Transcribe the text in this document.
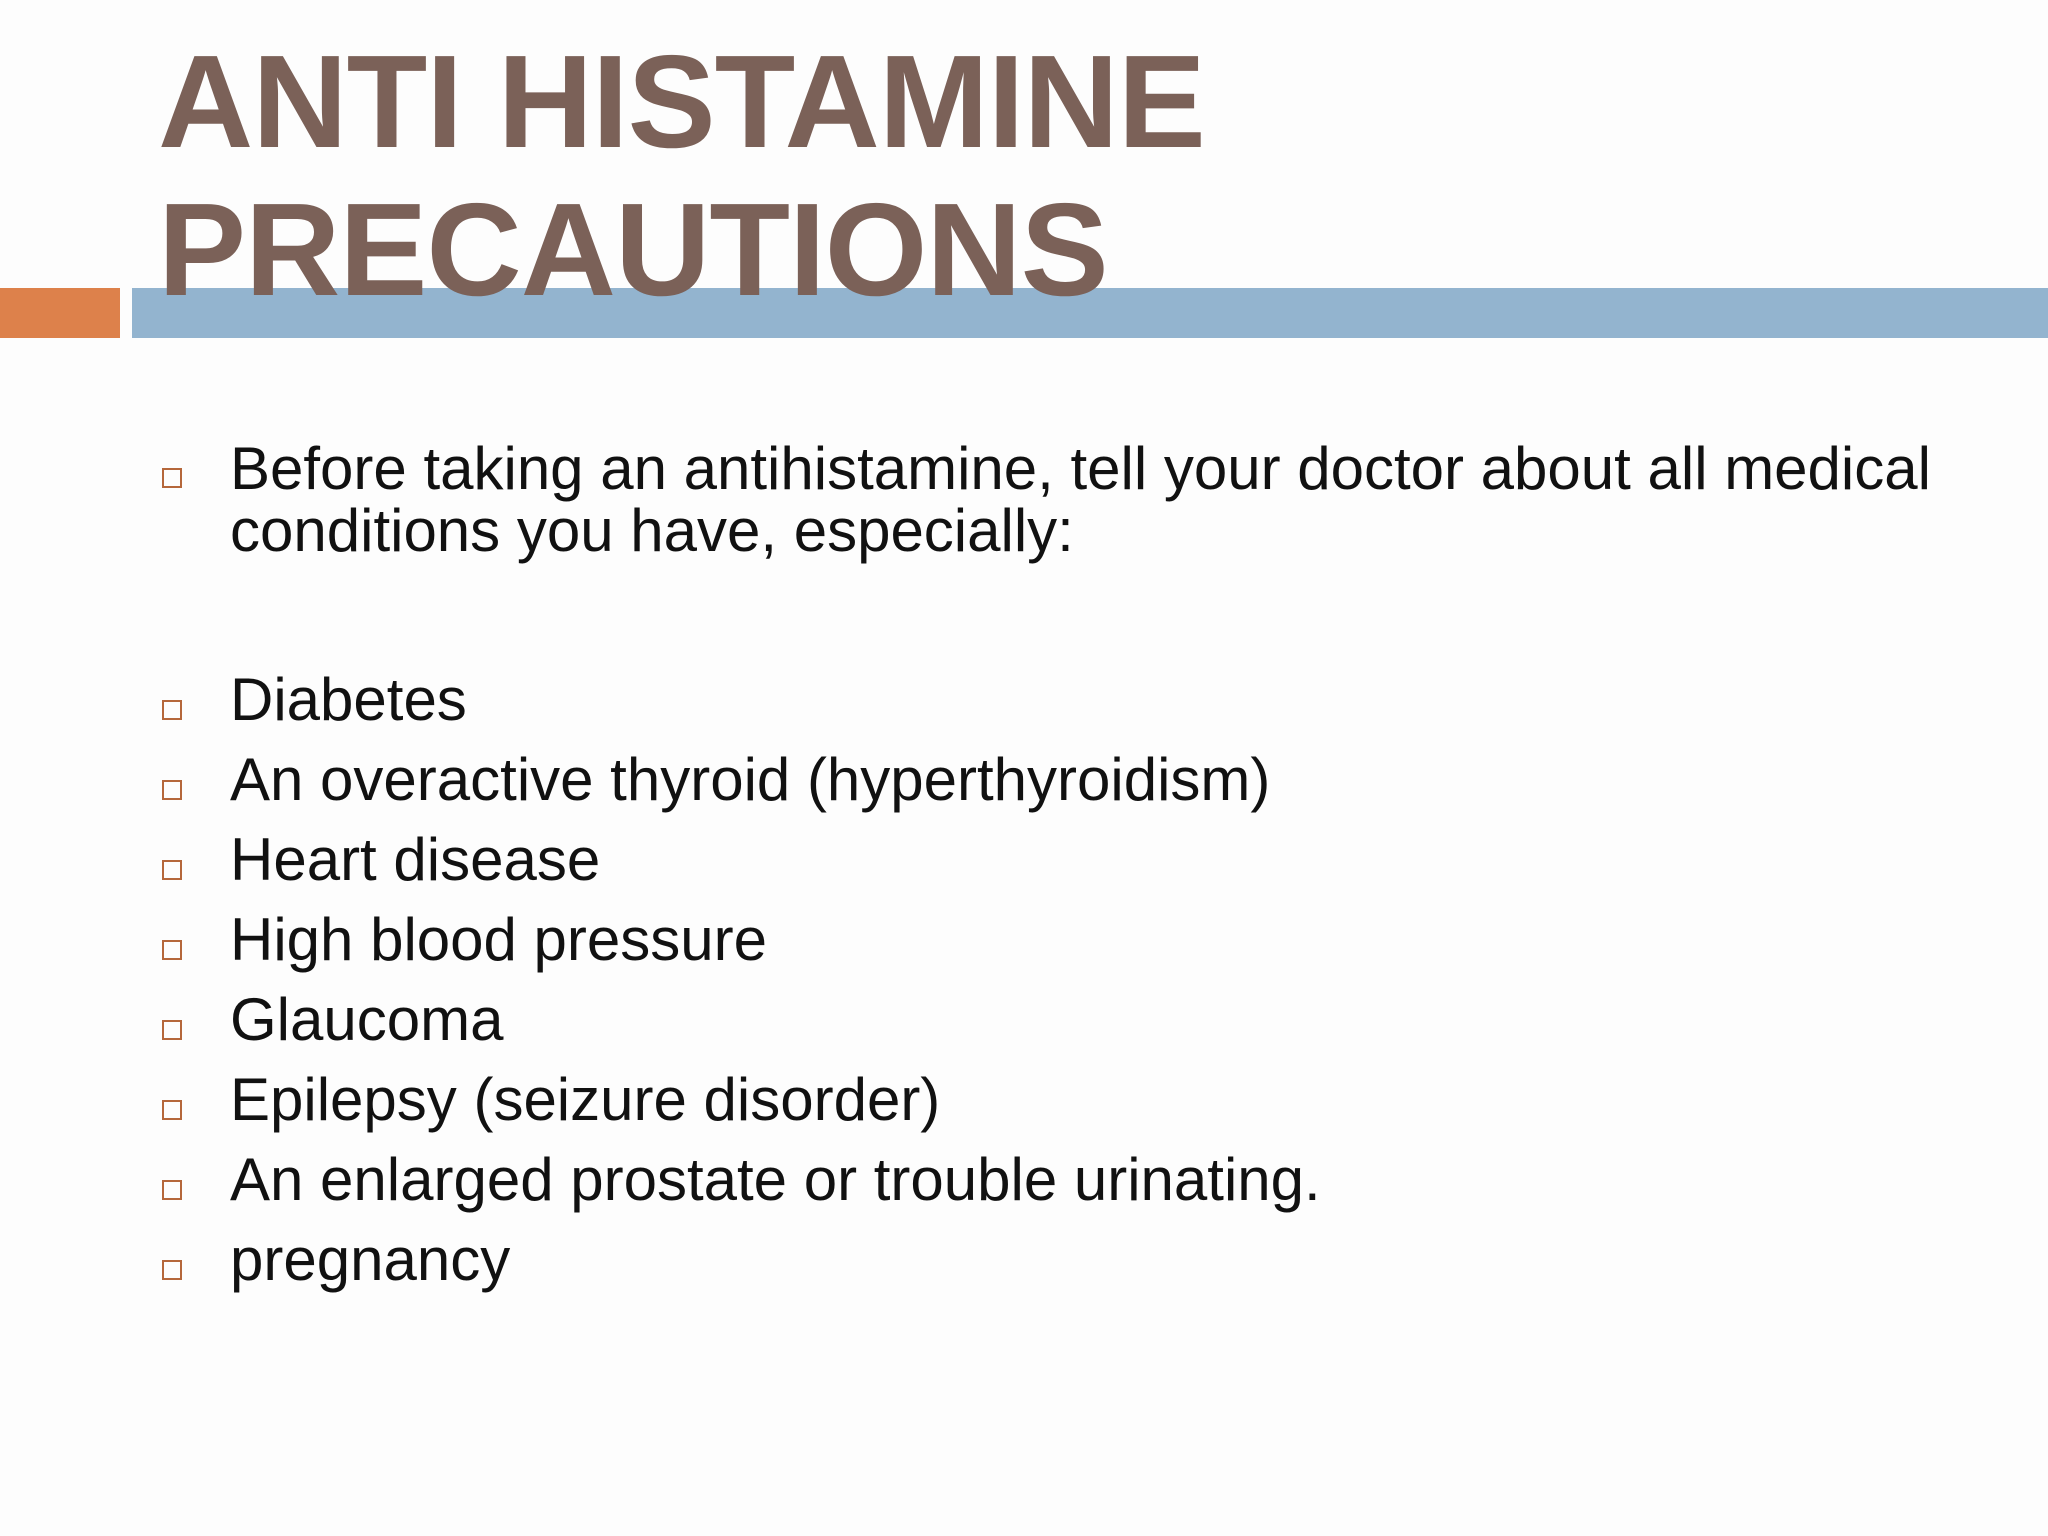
ANTI HISTAMINE
PRECAUTIONS
Before taking an antihistamine, tell your doctor about all medical conditions you have, especially:
Diabetes
An overactive thyroid (hyperthyroidism)
Heart disease
High blood pressure
Glaucoma
Epilepsy (seizure disorder)
An enlarged prostate or trouble urinating.
pregnancy
